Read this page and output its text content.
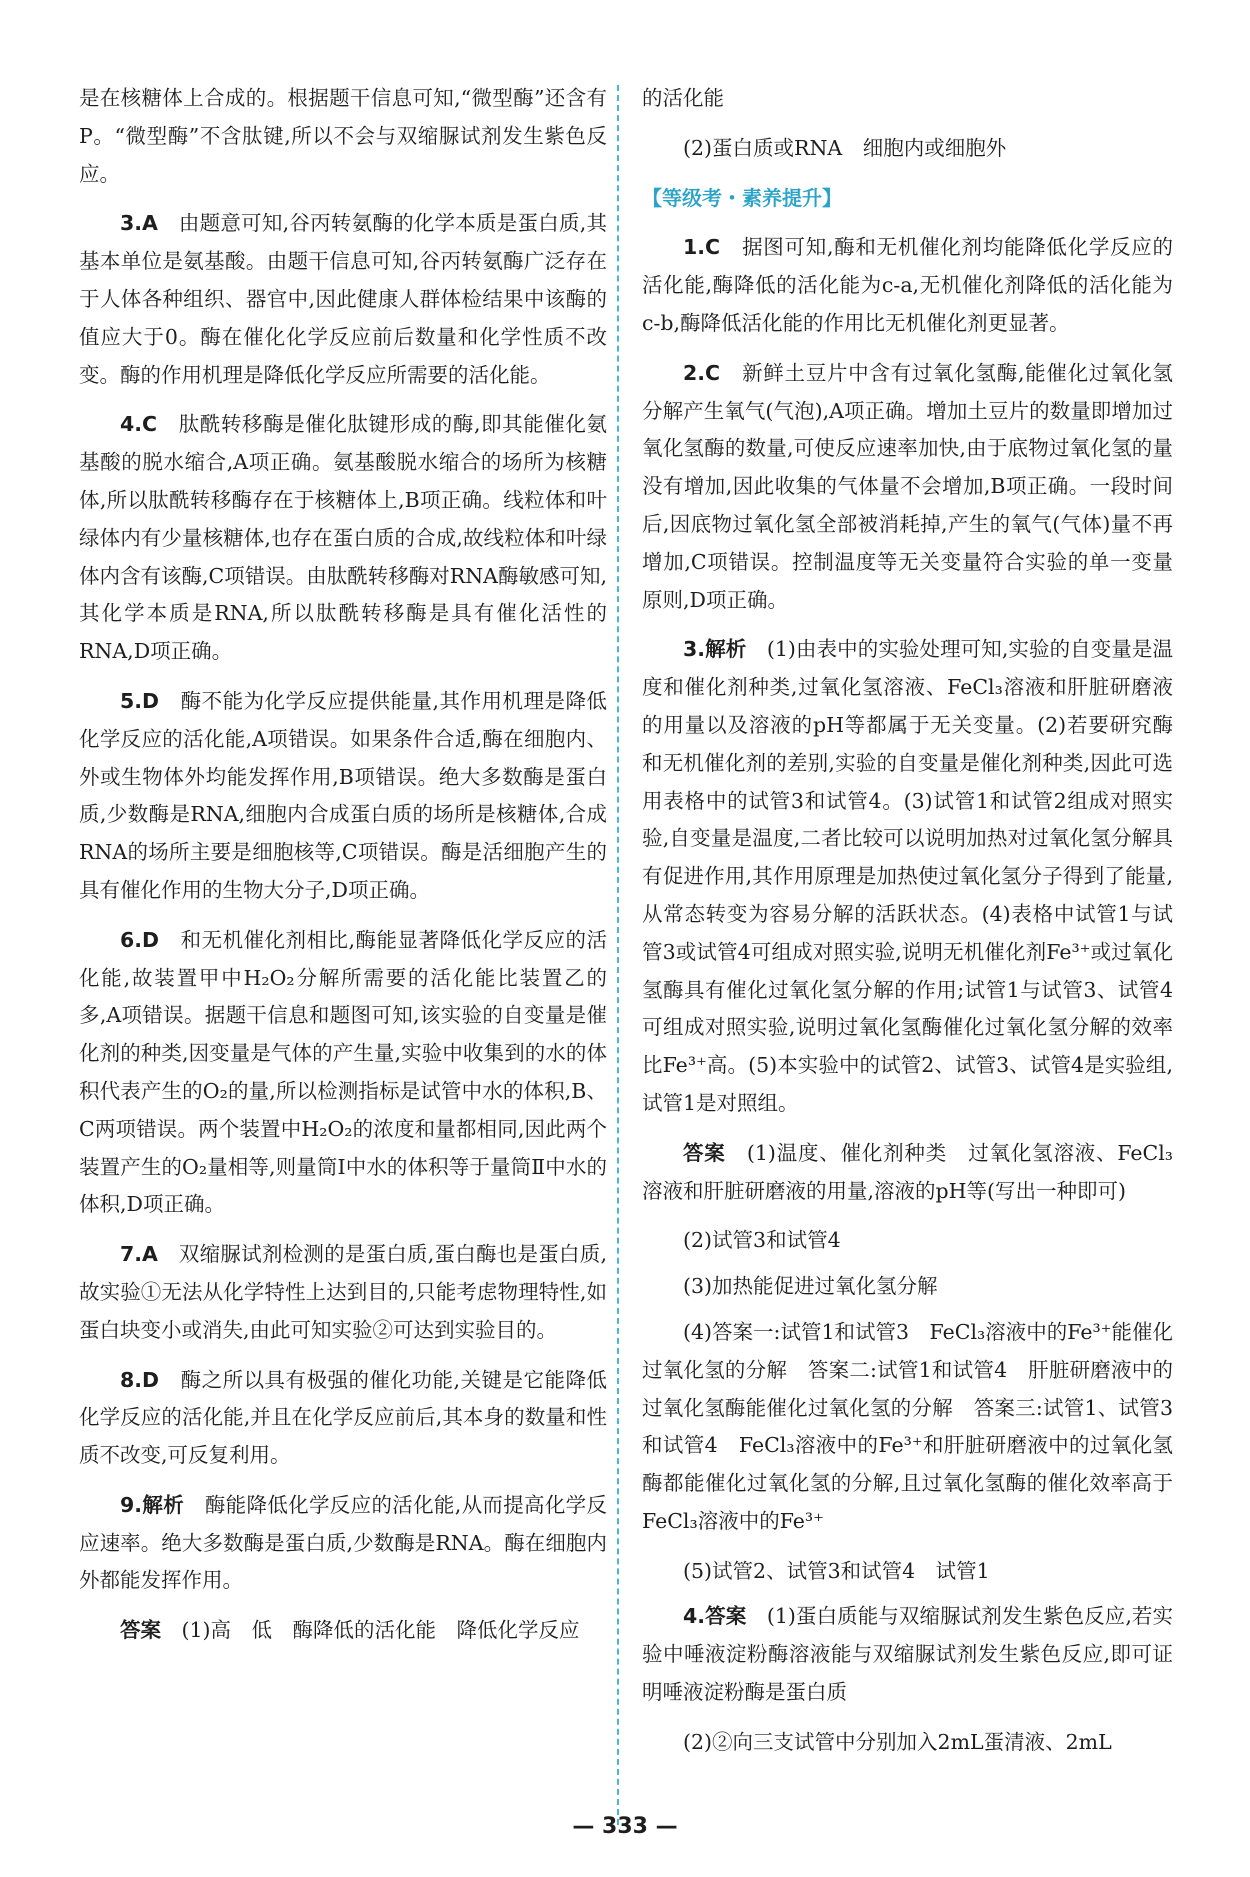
是在核糖体上合成的。根据题干信息可知,“微型酶”还含有P。“微型酶”不含肽键,所以不会与双缩脲试剂发生紫色反应。

3.A　 由题意可知,谷丙转氨酶的化学本质是蛋白质,其基本单位是氨基酸。由题干信息可知,谷丙转氨酶广泛存在于人体各种组织、器官中,因此健康人群体检结果中该酶的值应大于0。酶在催化化学反应前后数量和化学性质不改变。酶的作用机理是降低化学反应所需要的活化能。

4.C　 肽酰转移酶是催化肽键形成的酶,即其能催化氨基酸的脱水缩合,A项正确。氨基酸脱水缩合的场所为核糖体,所以肽酰转移酶存在于核糖体上,B项正确。线粒体和叶绿体内有少量核糖体,也存在蛋白质的合成,故线粒体和叶绿体内含有该酶,C项错误。由肽酰转移酶对RNA酶敏感可知,其化学本质是RNA,所以肽酰转移酶是具有催化活性的RNA,D项正确。

5.D　 酶不能为化学反应提供能量,其作用机理是降低化学反应的活化能,A项错误。如果条件合适,酶在细胞内、外或生物体外均能发挥作用,B项错误。绝大多数酶是蛋白质,少数酶是RNA,细胞内合成蛋白质的场所是核糖体,合成RNA的场所主要是细胞核等,C项错误。酶是活细胞产生的具有催化作用的生物大分子,D项正确。

6.D　 和无机催化剂相比,酶能显著降低化学反应的活化能,故装置甲中H₂O₂分解所需要的活化能比装置乙的多,A项错误。据题干信息和题图可知,该实验的自变量是催化剂的种类,因变量是气体的产生量,实验中收集到的水的体积代表产生的O₂的量,所以检测指标是试管中水的体积,B、C两项错误。两个装置中H₂O₂的浓度和量都相同,因此两个装置产生的O₂量相等,则量筒Ⅰ中水的体积等于量筒Ⅱ中水的体积,D项正确。

7.A　 双缩脲试剂检测的是蛋白质,蛋白酶也是蛋白质,故实验①无法从化学特性上达到目的,只能考虑物理特性,如蛋白块变小或消失,由此可知实验②可达到实验目的。

8.D　 酶之所以具有极强的催化功能,关键是它能降低化学反应的活化能,并且在化学反应前后,其本身的数量和性质不改变,可反复利用。

9.解析　 酶能降低化学反应的活化能,从而提高化学反应速率。绝大多数酶是蛋白质,少数酶是RNA。酶在细胞内外都能发挥作用。

答案　 (1)高　低　酶降低的活化能　降低化学反应

的活化能

(2)蛋白质或RNA　细胞内或细胞外

【等级考・素养提升】

1.C　 据图可知,酶和无机催化剂均能降低化学反应的活化能,酶降低的活化能为c-a,无机催化剂降低的活化能为c-b,酶降低活化能的作用比无机催化剂更显著。

2.C　 新鲜土豆片中含有过氧化氢酶,能催化过氧化氢分解产生氧气(气泡),A项正确。增加土豆片的数量即增加过氧化氢酶的数量,可使反应速率加快,由于底物过氧化氢的量没有增加,因此收集的气体量不会增加,B项正确。一段时间后,因底物过氧化氢全部被消耗掉,产生的氧气(气体)量不再增加,C项错误。控制温度等无关变量符合实验的单一变量原则,D项正确。

3.解析　 (1)由表中的实验处理可知,实验的自变量是温度和催化剂种类,过氧化氢溶液、FeCl₃溶液和肝脏研磨液的用量以及溶液的pH等都属于无关变量。(2)若要研究酶和无机催化剂的差别,实验的自变量是催化剂种类,因此可选用表格中的试管3和试管4。(3)试管1和试管2组成对照实验,自变量是温度,二者比较可以说明加热对过氧化氢分解具有促进作用,其作用原理是加热使过氧化氢分子得到了能量,从常态转变为容易分解的活跃状态。(4)表格中试管1与试管3或试管4可组成对照实验,说明无机催化剂Fe³⁺或过氧化氢酶具有催化过氧化氢分解的作用;试管1与试管3、试管4可组成对照实验,说明过氧化氢酶催化过氧化氢分解的效率比Fe³⁺高。(5)本实验中的试管2、试管3、试管4是实验组,试管1是对照组。

答案　 (1)温度、催化剂种类　过氧化氢溶液、FeCl₃溶液和肝脏研磨液的用量,溶液的pH等(写出一种即可)

(2)试管3和试管4

(3)加热能促进过氧化氢分解

(4)答案一:试管1和试管3　FeCl₃溶液中的Fe³⁺能催化过氧化氢的分解　答案二:试管1和试管4　肝脏研磨液中的过氧化氢酶能催化过氧化氢的分解　答案三:试管1、试管3和试管4　FeCl₃溶液中的Fe³⁺和肝脏研磨液中的过氧化氢酶都能催化过氧化氢的分解,且过氧化氢酶的催化效率高于FeCl₃溶液中的Fe³⁺

(5)试管2、试管3和试管4　试管1

4.答案　 (1)蛋白质能与双缩脲试剂发生紫色反应,若实验中唾液淀粉酶溶液能与双缩脲试剂发生紫色反应,即可证明唾液淀粉酶是蛋白质

(2)②向三支试管中分别加入2mL蛋清液、2mL

— 333 —
